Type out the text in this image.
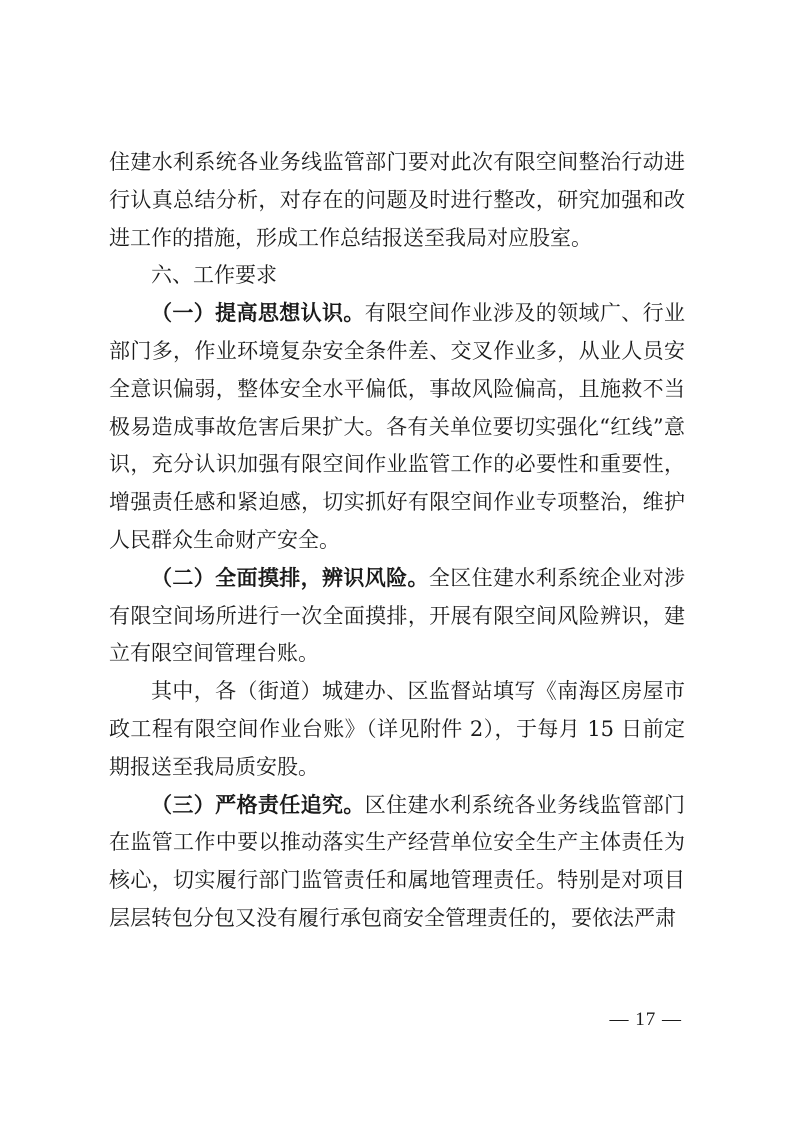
住建水利系统各业务线监管部门要对此次有限空间整治行动进行认真总结分析，对存在的问题及时进行整改，研究加强和改进工作的措施，形成工作总结报送至我局对应股室。

六、工作要求

（一）提高思想认识。有限空间作业涉及的领域广、行业部门多，作业环境复杂安全条件差、交叉作业多，从业人员安全意识偏弱，整体安全水平偏低，事故风险偏高，且施救不当极易造成事故危害后果扩大。各有关单位要切实强化“红线”意识，充分认识加强有限空间作业监管工作的必要性和重要性，增强责任感和紧迫感，切实抓好有限空间作业专项整治，维护人民群众生命财产安全。

（二）全面摸排，辨识风险。全区住建水利系统企业对涉有限空间场所进行一次全面摸排，开展有限空间风险辨识，建立有限空间管理台账。

其中，各（街道）城建办、区监督站填写《南海区房屋市政工程有限空间作业台账》（详见附件 2），于每月 15 日前定期报送至我局质安股。

（三）严格责任追究。区住建水利系统各业务线监管部门在监管工作中要以推动落实生产经营单位安全生产主体责任为核心，切实履行部门监管责任和属地管理责任。特别是对项目层层转包分包又没有履行承包商安全管理责任的，要依法严肃

— 17 —
